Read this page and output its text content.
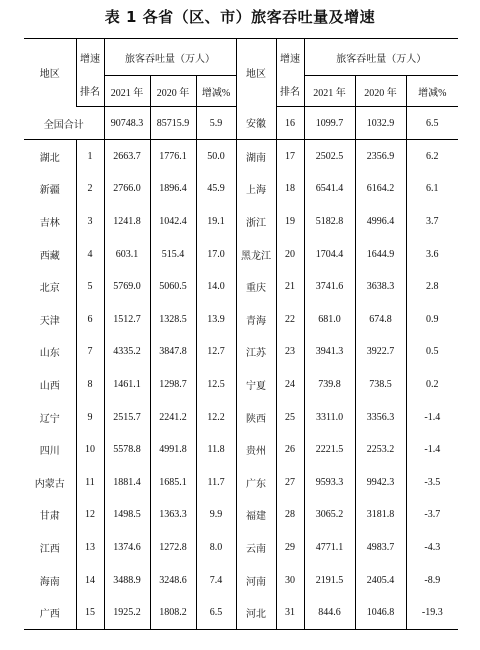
表 1 各省（区、市）旅客吞吐量及增速
地区	增速	旅客吞吐量（万人）			地区	增速	旅客吞吐量（万人）		
	排名	2021 年	2020 年	增减%		排名	2021 年	2020 年	增减%
全国合计		90748.3	85715.9	5.9	安徽	16	1099.7	1032.9	6.5
湖北	1	2663.7	1776.1	50.0	湖南	17	2502.5	2356.9	6.2
新疆	2	2766.0	1896.4	45.9	上海	18	6541.4	6164.2	6.1
吉林	3	1241.8	1042.4	19.1	浙江	19	5182.8	4996.4	3.7
西藏	4	603.1	515.4	17.0	黑龙江	20	1704.4	1644.9	3.6
北京	5	5769.0	5060.5	14.0	重庆	21	3741.6	3638.3	2.8
天津	6	1512.7	1328.5	13.9	青海	22	681.0	674.8	0.9
山东	7	4335.2	3847.8	12.7	江苏	23	3941.3	3922.7	0.5
山西	8	1461.1	1298.7	12.5	宁夏	24	739.8	738.5	0.2
辽宁	9	2515.7	2241.2	12.2	陕西	25	3311.0	3356.3	-1.4
四川	10	5578.8	4991.8	11.8	贵州	26	2221.5	2253.2	-1.4
内蒙古	11	1881.4	1685.1	11.7	广东	27	9593.3	9942.3	-3.5
甘肃	12	1498.5	1363.3	9.9	福建	28	3065.2	3181.8	-3.7
江西	13	1374.6	1272.8	8.0	云南	29	4771.1	4983.7	-4.3
海南	14	3488.9	3248.6	7.4	河南	30	2191.5	2405.4	-8.9
广西	15	1925.2	1808.2	6.5	河北	31	844.6	1046.8	-19.3
